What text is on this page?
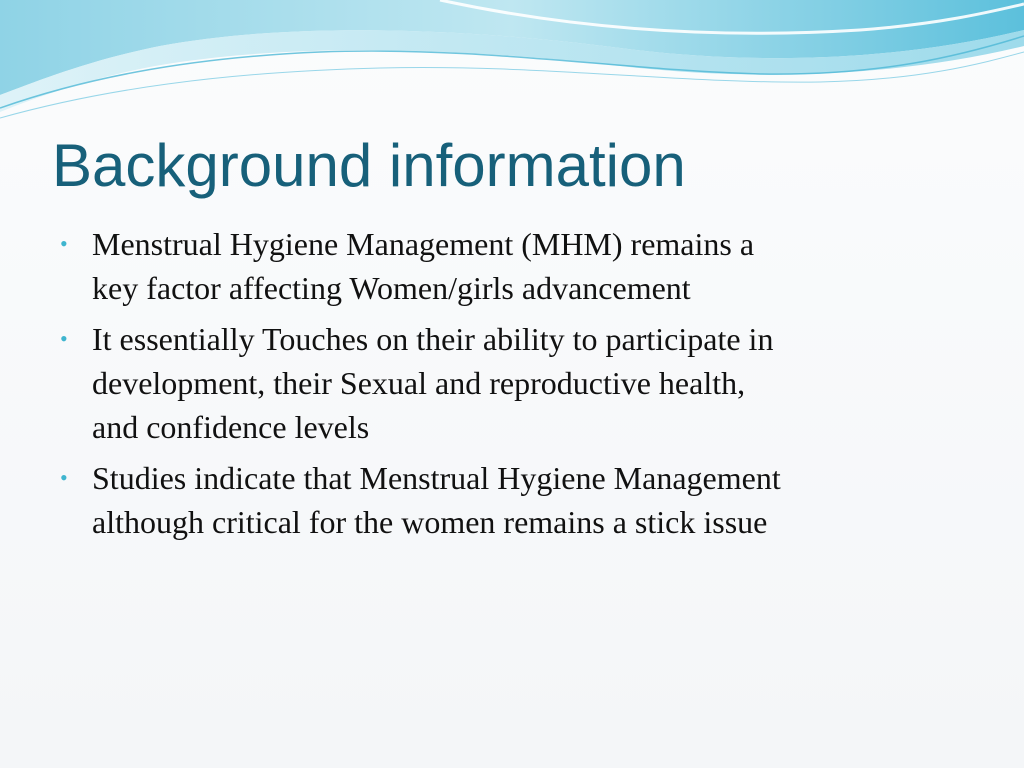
Background information
• Menstrual Hygiene Management (MHM) remains a
key factor affecting Women/girls advancement
• It essentially Touches on their ability to participate in
development, their Sexual and reproductive health,
and confidence levels
• Studies indicate that Menstrual Hygiene Management
although critical for the women remains a stick issue
